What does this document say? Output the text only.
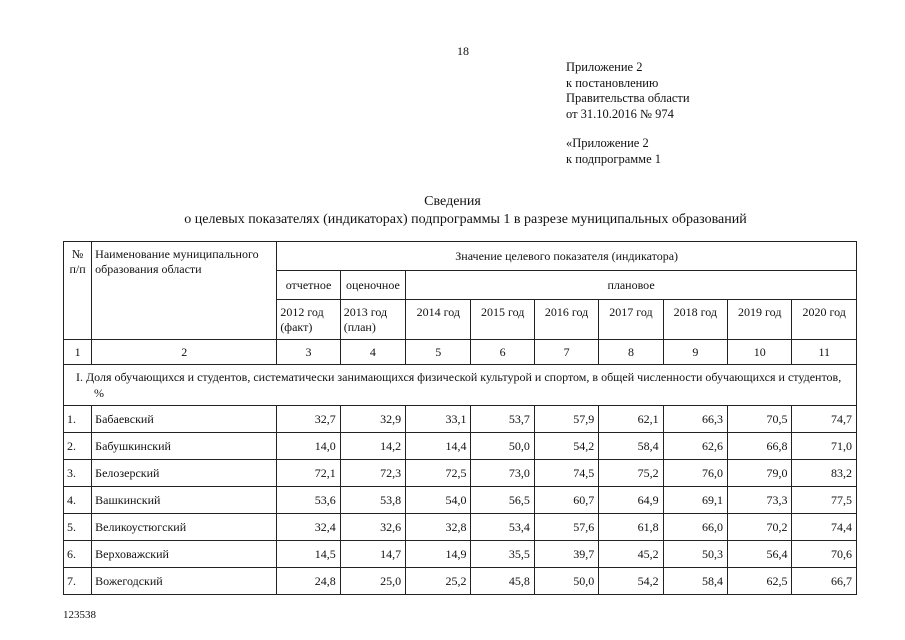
18
Приложение 2
к постановлению
Правительства области
от 31.10.2016 № 974
«Приложение 2
к подпрограмме 1
Сведения
о целевых показателях (индикаторах) подпрограммы 1 в разрезе муниципальных образований
№ п/п	Наименование муниципального образования области	Значение целевого показателя (индикатора)								
		отчетное	оценочное	плановое						
		2012 год (факт)	2013 год (план)	2014 год	2015 год	2016 год	2017 год	2018 год	2019 год	2020 год
1	2	3	4	5	6	7	8	9	10	11
I. Доля обучающихся и студентов, систематически занимающихся физической культурой и спортом, в общей численности обучающихся и студентов, %										
1.	Бабаевский	32,7	32,9	33,1	53,7	57,9	62,1	66,3	70,5	74,7
2.	Бабушкинский	14,0	14,2	14,4	50,0	54,2	58,4	62,6	66,8	71,0
3.	Белозерский	72,1	72,3	72,5	73,0	74,5	75,2	76,0	79,0	83,2
4.	Вашкинский	53,6	53,8	54,0	56,5	60,7	64,9	69,1	73,3	77,5
5.	Великоустюгский	32,4	32,6	32,8	53,4	57,6	61,8	66,0	70,2	74,4
6.	Верховажский	14,5	14,7	14,9	35,5	39,7	45,2	50,3	56,4	70,6
7.	Вожегодский	24,8	25,0	25,2	45,8	50,0	54,2	58,4	62,5	66,7
123538
